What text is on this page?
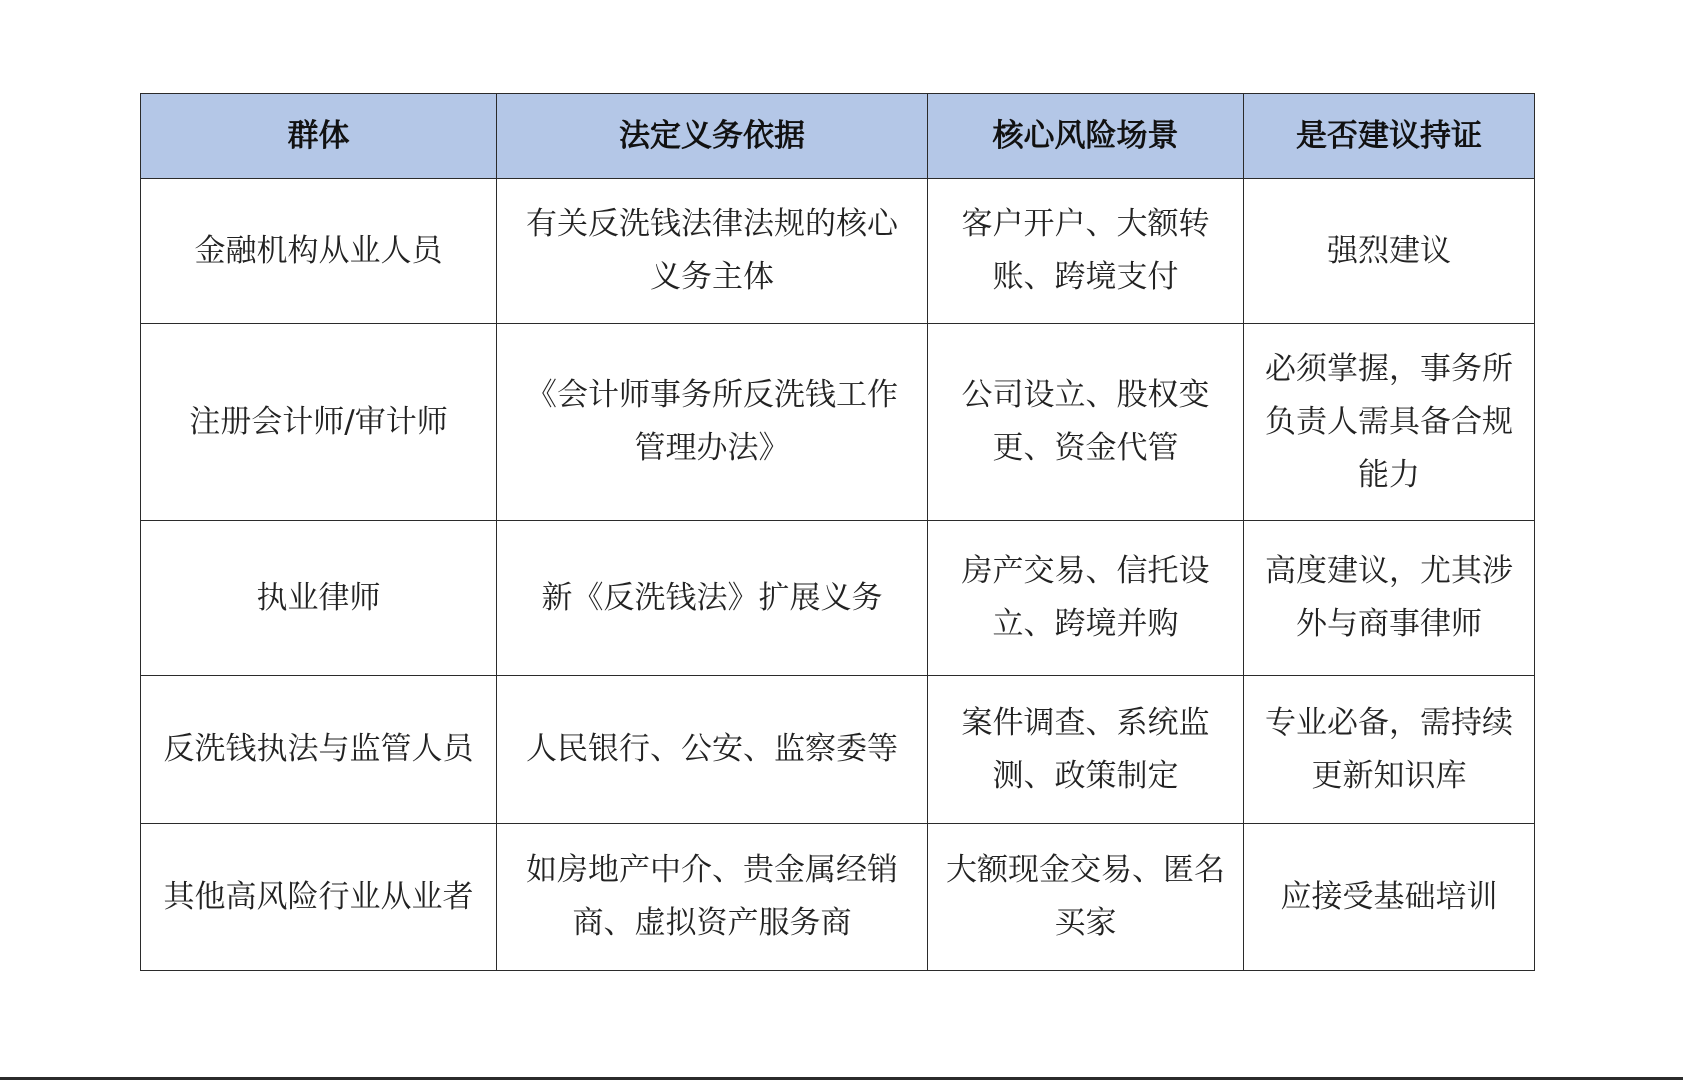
群体	法定义务依据	核心风险场景	是否建议持证
金融机构从业人员	有关反洗钱法律法规的核心义务主体	客户开户、大额转账、跨境支付	强烈建议
注册会计师/审计师	《会计师事务所反洗钱工作管理办法》	公司设立、股权变更、资金代管	必须掌握，事务所负责人需具备合规能力
执业律师	新《反洗钱法》扩展义务	房产交易、信托设立、跨境并购	高度建议，尤其涉外与商事律师
反洗钱执法与监管人员	人民银行、公安、监察委等	案件调查、系统监测、政策制定	专业必备，需持续更新知识库
其他高风险行业从业者	如房地产中介、贵金属经销商、虚拟资产服务商	大额现金交易、匿名买家	应接受基础培训
